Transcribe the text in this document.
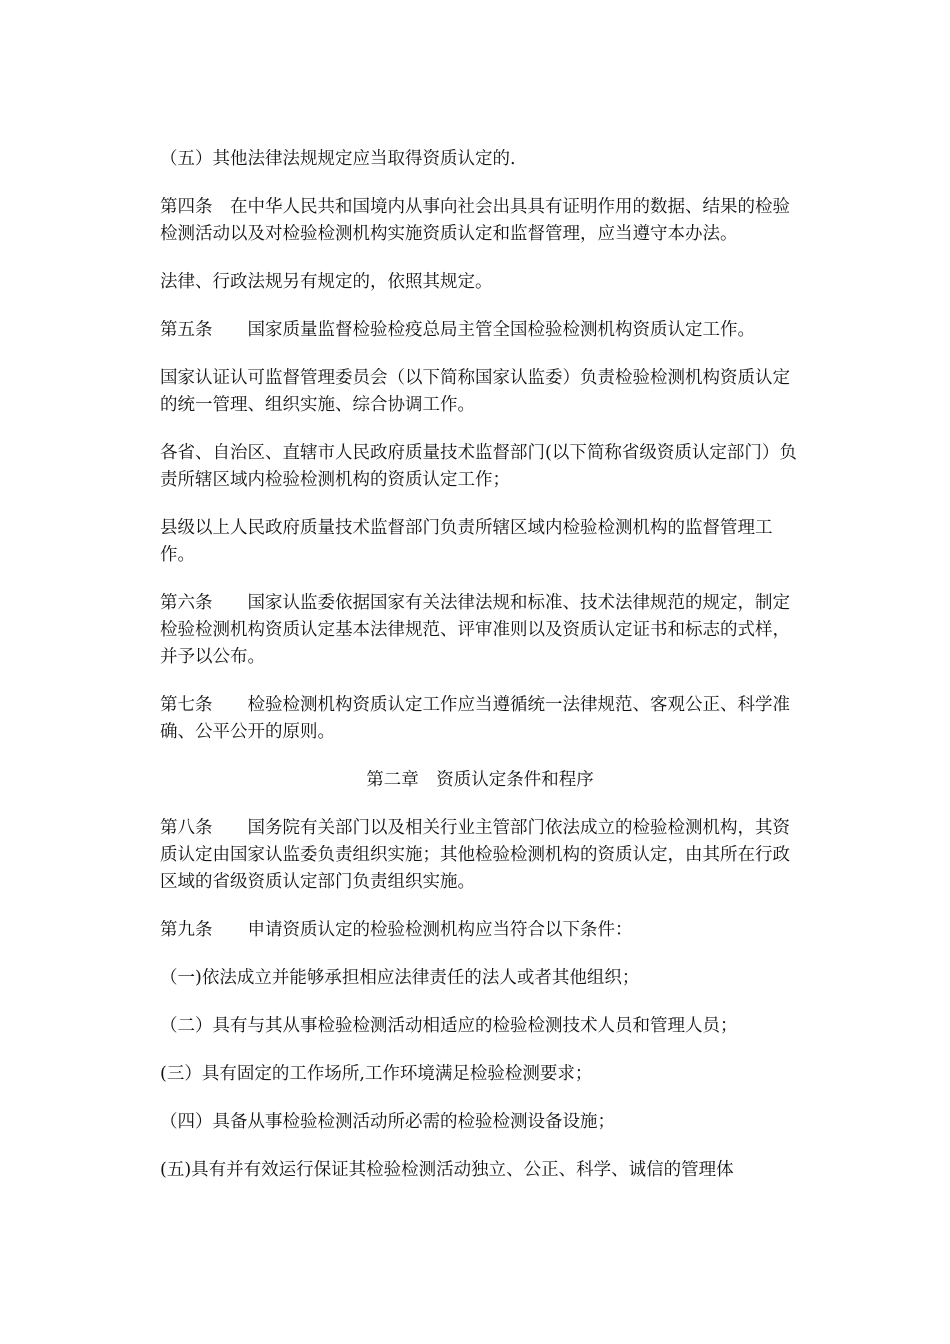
（五）其他法律法规规定应当取得资质认定的.

第四条　在中华人民共和国境内从事向社会出具具有证明作用的数据、结果的检验检测活动以及对检验检测机构实施资质认定和监督管理，应当遵守本办法。

法律、行政法规另有规定的，依照其规定。

第五条　　国家质量监督检验检疫总局主管全国检验检测机构资质认定工作。

国家认证认可监督管理委员会（以下简称国家认监委）负责检验检测机构资质认定的统一管理、组织实施、综合协调工作。

各省、自治区、直辖市人民政府质量技术监督部门(以下简称省级资质认定部门）负责所辖区域内检验检测机构的资质认定工作；

县级以上人民政府质量技术监督部门负责所辖区域内检验检测机构的监督管理工作。

第六条　　国家认监委依据国家有关法律法规和标准、技术法律规范的规定，制定检验检测机构资质认定基本法律规范、评审准则以及资质认定证书和标志的式样，并予以公布。

第七条　　检验检测机构资质认定工作应当遵循统一法律规范、客观公正、科学准确、公平公开的原则。

第二章　资质认定条件和程序

第八条　　国务院有关部门以及相关行业主管部门依法成立的检验检测机构，其资质认定由国家认监委负责组织实施；其他检验检测机构的资质认定，由其所在行政区域的省级资质认定部门负责组织实施。

第九条　　申请资质认定的检验检测机构应当符合以下条件：

（一)依法成立并能够承担相应法律责任的法人或者其他组织；

（二）具有与其从事检验检测活动相适应的检验检测技术人员和管理人员；

(三）具有固定的工作场所,工作环境满足检验检测要求；

（四）具备从事检验检测活动所必需的检验检测设备设施；

(五)具有并有效运行保证其检验检测活动独立、公正、科学、诚信的管理体
